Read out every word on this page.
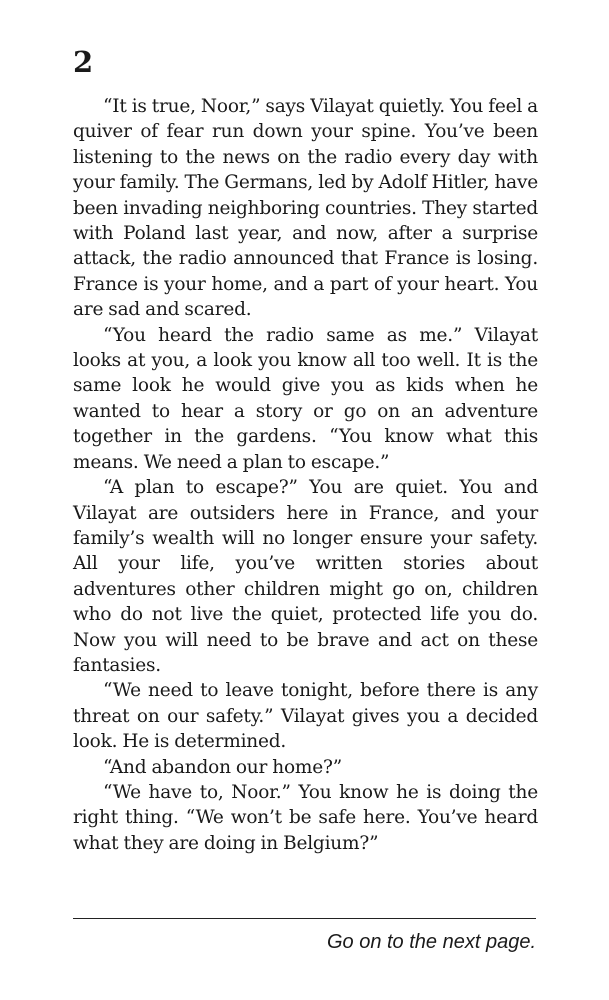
2

“It is true, Noor,” says Vilayat quietly. You feel a quiver of fear run down your spine. You’ve been listening to the news on the radio every day with your family. The Germans, led by Adolf Hitler, have been invading neighboring countries. They started with Poland last year, and now, after a surprise attack, the radio announced that France is losing. France is your home, and a part of your heart. You are sad and scared.

“You heard the radio same as me.” Vilayat looks at you, a look you know all too well. It is the same look he would give you as kids when he wanted to hear a story or go on an adventure together in the gardens. “You know what this means. We need a plan to escape.”

“A plan to escape?” You are quiet. You and Vilayat are outsiders here in France, and your family’s wealth will no longer ensure your safety. All your life, you’ve written stories about adventures other children might go on, children who do not live the quiet, protected life you do. Now you will need to be brave and act on these fantasies.

“We need to leave tonight, before there is any threat on our safety.” Vilayat gives you a decided look. He is determined.

“And abandon our home?”

“We have to, Noor.” You know he is doing the right thing. “We won’t be safe here. You’ve heard what they are doing in Belgium?”

Go on to the next page.
